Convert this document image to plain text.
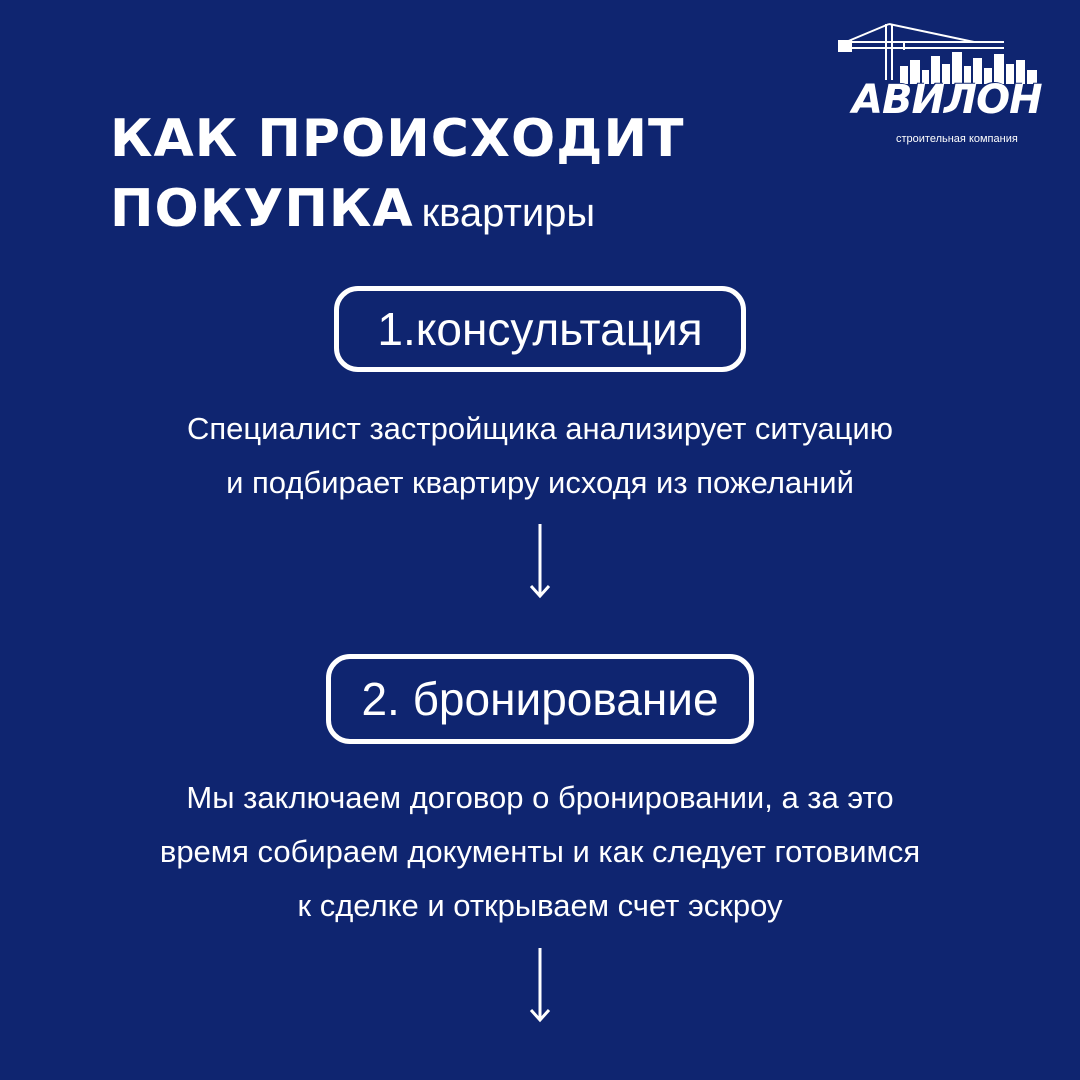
АВИЛОН
строительная компания
КАК ПРОИСХОДИТ
ПОКУПКА квартиры
1.консультация
Специалист застройщика анализирует ситуацию
и подбирает квартиру исходя из пожеланий
2. бронирование
Мы заключаем договор о бронировании, а за это
время собираем документы и как следует готовимся
к сделке и открываем счет эскроу
